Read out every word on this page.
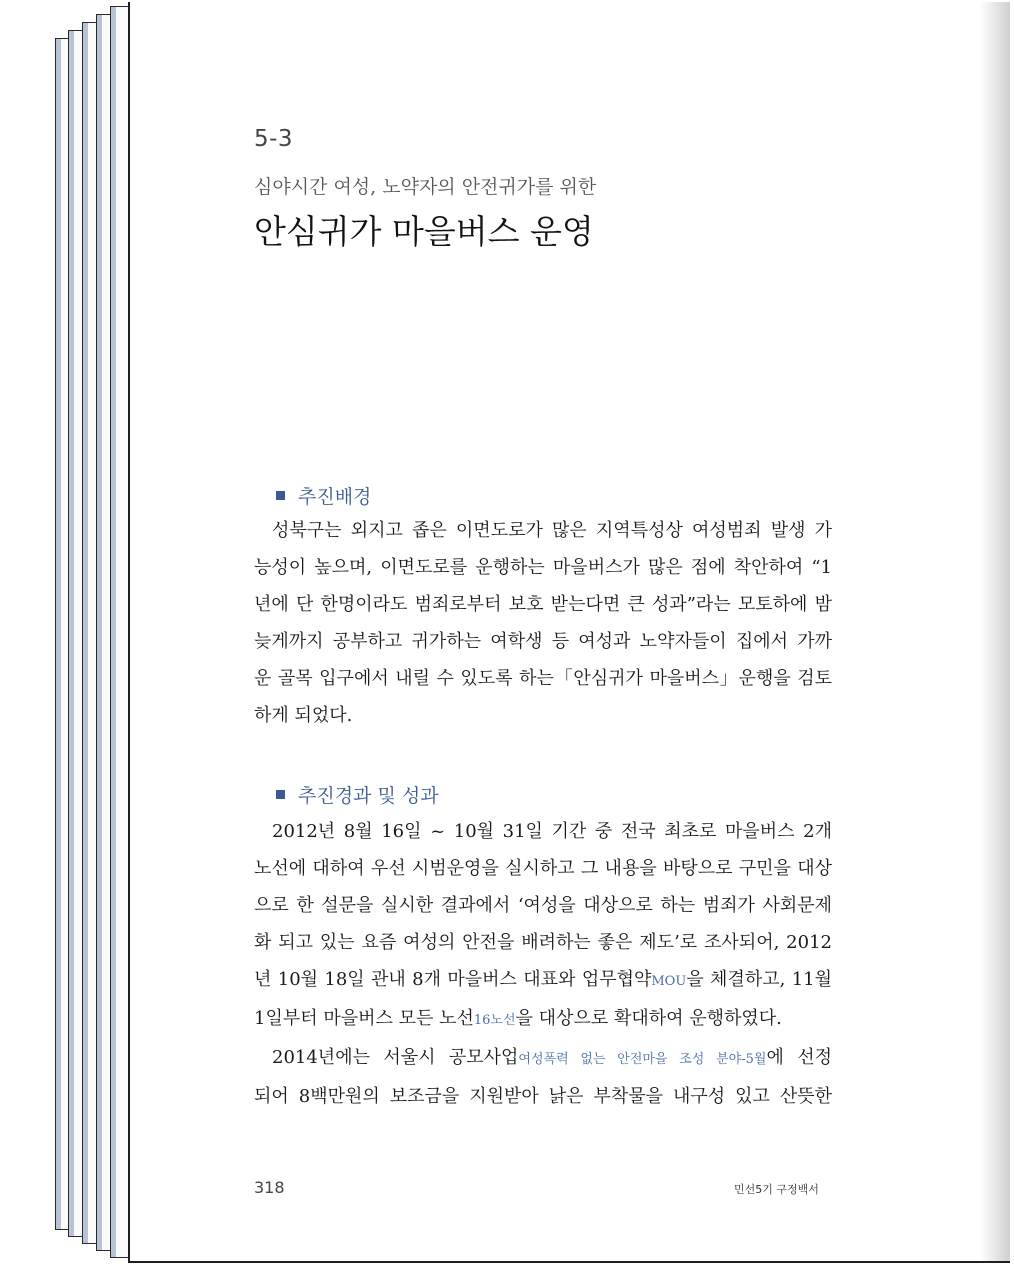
5-3
심야시간 여성, 노약자의 안전귀가를 위한
안심귀가 마을버스 운영
추진배경
성북구는 외지고 좁은 이면도로가 많은 지역특성상 여성범죄 발생 가
능성이 높으며, 이면도로를 운행하는 마을버스가 많은 점에 착안하여 “1
년에 단 한명이라도 범죄로부터 보호 받는다면 큰 성과”라는 모토하에 밤
늦게까지 공부하고 귀가하는 여학생 등 여성과 노약자들이 집에서 가까
운 골목 입구에서 내릴 수 있도록 하는「안심귀가 마을버스」운행을 검토
하게 되었다.
추진경과 및 성과
2012년 8월 16일 ~ 10월 31일 기간 중 전국 최초로 마을버스 2개
노선에 대하여 우선 시범운영을 실시하고 그 내용을 바탕으로 구민을 대상
으로 한 설문을 실시한 결과에서 ‘여성을 대상으로 하는 범죄가 사회문제
화 되고 있는 요즘 여성의 안전을 배려하는 좋은 제도’로 조사되어, 2012
년 10월 18일 관내 8개 마을버스 대표와 업무협약MOU을 체결하고, 11월
1일부터 마을버스 모든 노선16노선을 대상으로 확대하여 운행하였다.
2014년에는 서울시 공모사업여성폭력 없는 안전마을 조성 분야-5월에 선정
되어 8백만원의 보조금을 지원받아 낡은 부착물을 내구성 있고 산뜻한
318	민선5기 구정백서
